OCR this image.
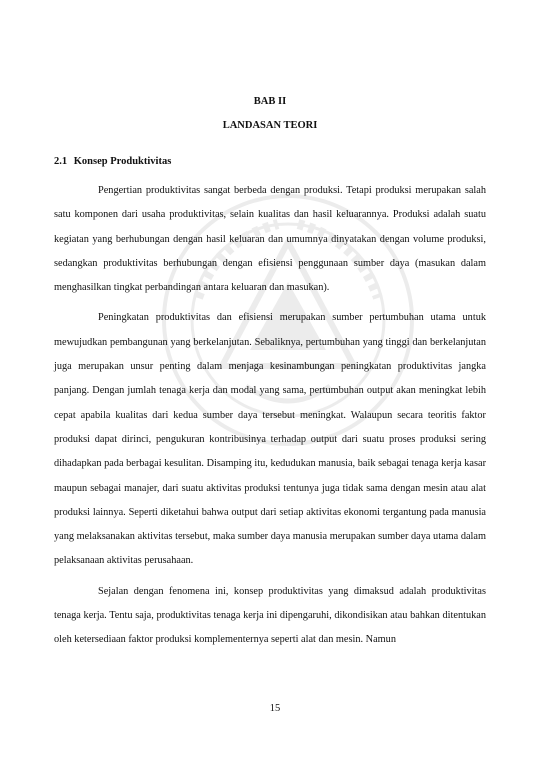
BAB II
LANDASAN TEORI
2.1 Konsep Produktivitas

Pengertian produktivitas sangat berbeda dengan produksi. Tetapi produksi merupakan salah satu komponen dari usaha produktivitas, selain kualitas dan hasil keluarannya. Produksi adalah suatu kegiatan yang berhubungan dengan hasil keluaran dan umumnya dinyatakan dengan volume produksi, sedangkan produktivitas berhubungan dengan efisiensi penggunaan sumber daya (masukan dalam menghasilkan tingkat perbandingan antara keluaran dan masukan).

Peningkatan produktivitas dan efisiensi merupakan sumber pertumbuhan utama untuk mewujudkan pembangunan yang berkelanjutan. Sebaliknya, pertumbuhan yang tinggi dan berkelanjutan juga merupakan unsur penting dalam menjaga kesinambungan peningkatan produktivitas jangka panjang. Dengan jumlah tenaga kerja dan modal yang sama, pertumbuhan output akan meningkat lebih cepat apabila kualitas dari kedua sumber daya tersebut meningkat. Walaupun secara teoritis faktor produksi dapat dirinci, pengukuran kontribusinya terhadap output dari suatu proses produksi sering dihadapkan pada berbagai kesulitan. Disamping itu, kedudukan manusia, baik sebagai tenaga kerja kasar maupun sebagai manajer, dari suatu aktivitas produksi tentunya juga tidak sama dengan mesin atau alat produksi lainnya. Seperti diketahui bahwa output dari setiap aktivitas ekonomi tergantung pada manusia yang melaksanakan aktivitas tersebut, maka sumber daya manusia merupakan sumber daya utama dalam pelaksanaan aktivitas perusahaan.

Sejalan dengan fenomena ini, konsep produktivitas yang dimaksud adalah produktivitas tenaga kerja. Tentu saja, produktivitas tenaga kerja ini dipengaruhi, dikondisikan atau bahkan ditentukan oleh ketersediaan faktor produksi komplementernya seperti alat dan mesin. Namun

15
